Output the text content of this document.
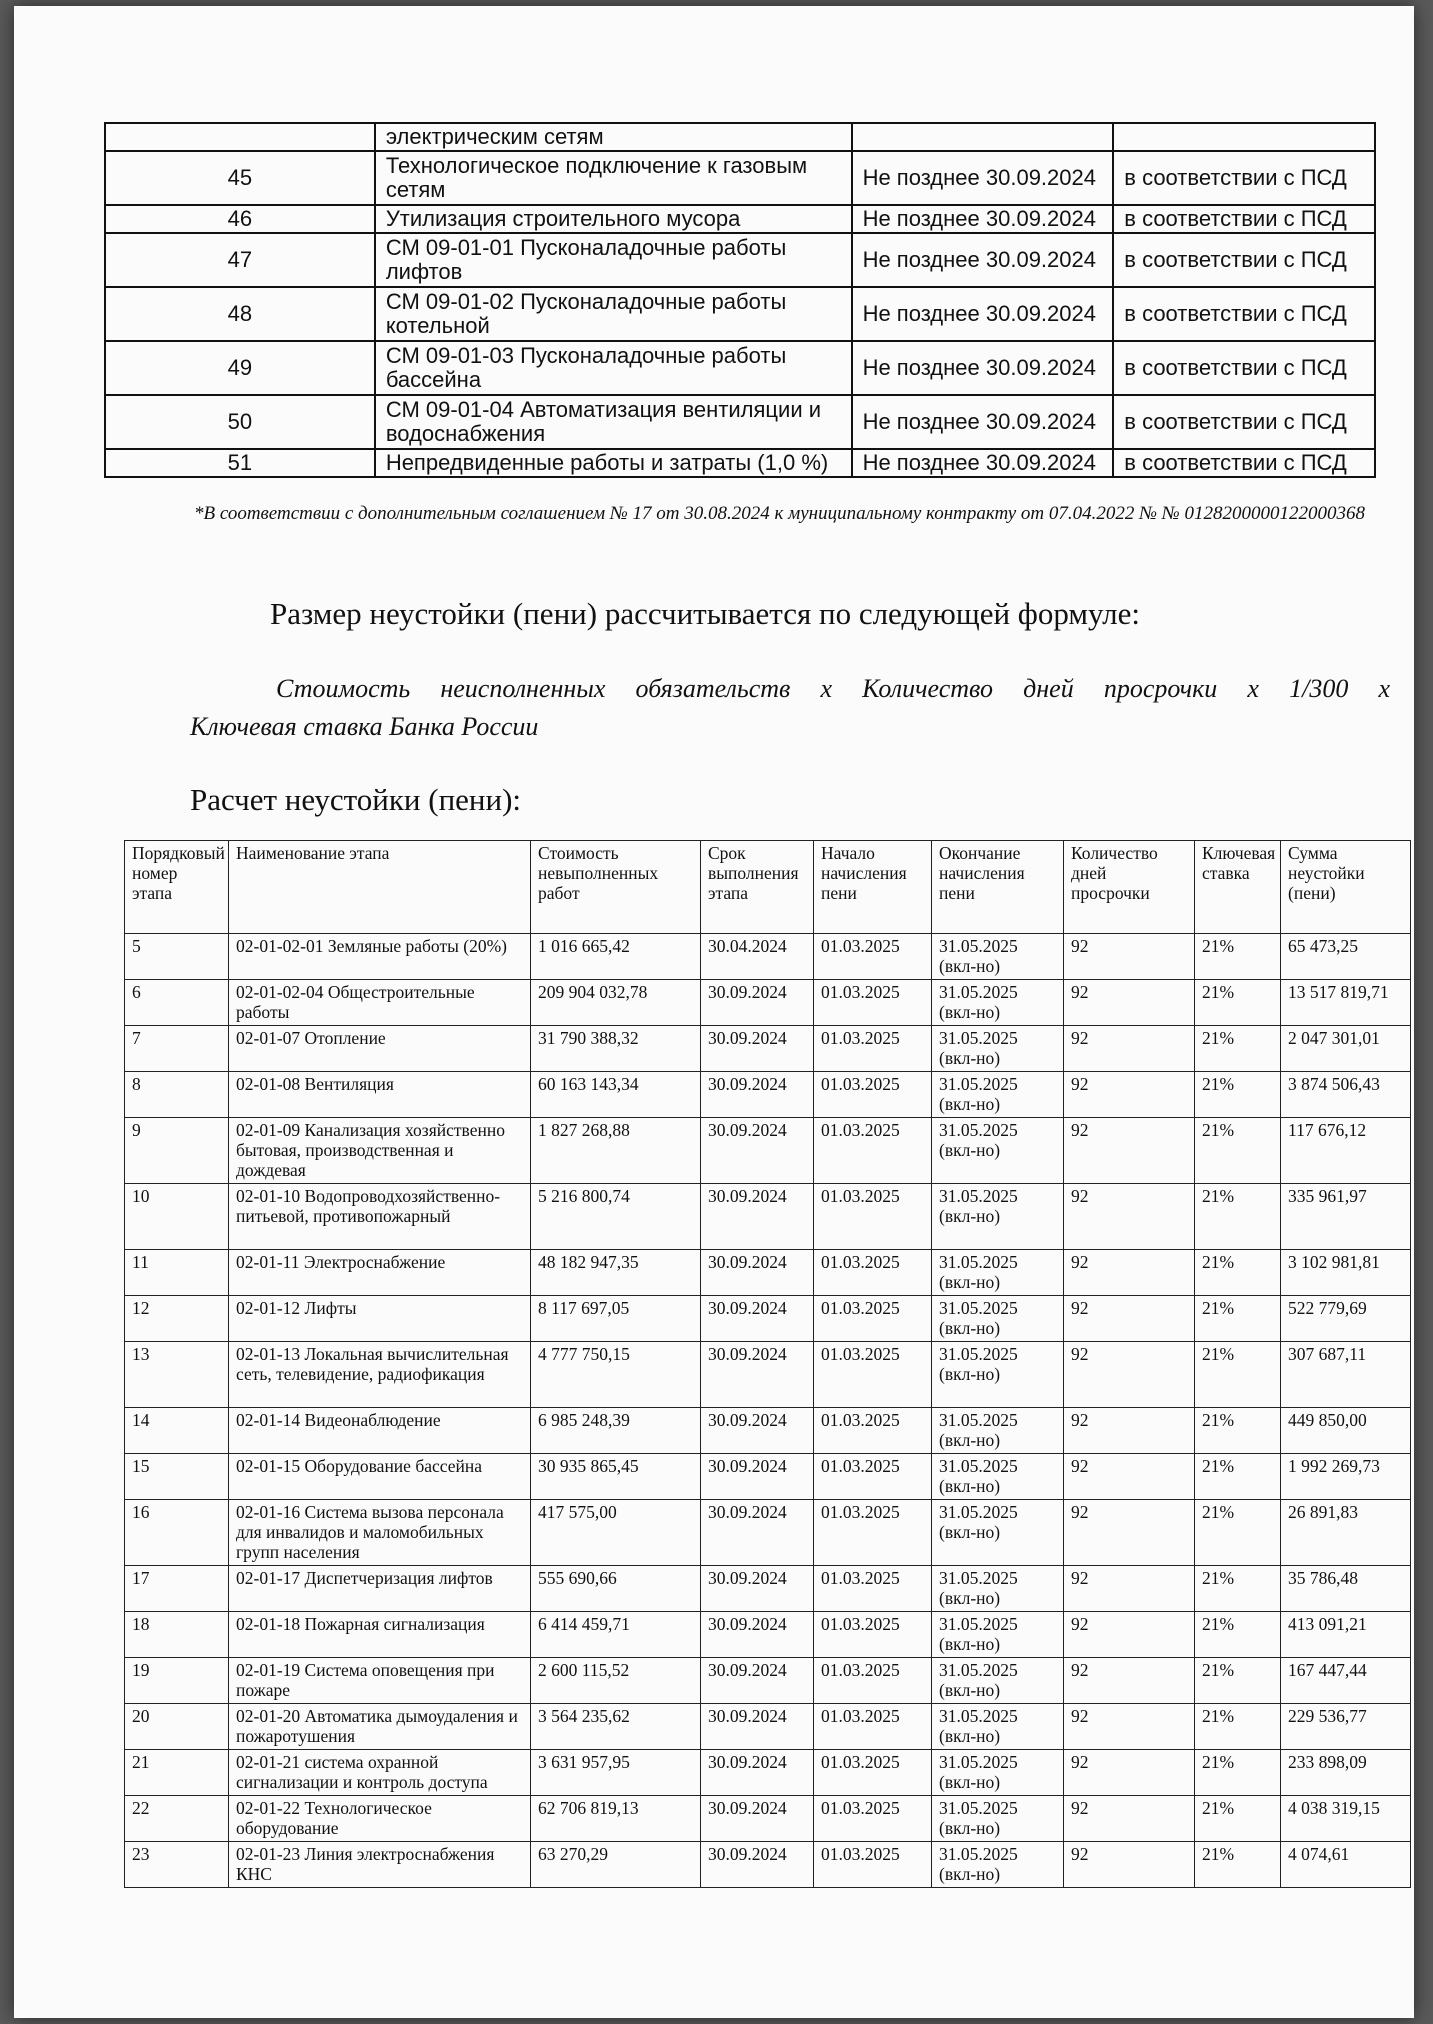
	электрическим сетям		
45	Технологическое подключение к газовым сетям	Не позднее 30.09.2024	в соответствии с ПСД
46	Утилизация строительного мусора	Не позднее 30.09.2024	в соответствии с ПСД
47	СМ 09-01-01 Пусконаладочные работы лифтов	Не позднее 30.09.2024	в соответствии с ПСД
48	СМ 09-01-02 Пусконаладочные работы котельной	Не позднее 30.09.2024	в соответствии с ПСД
49	СМ 09-01-03 Пусконаладочные работы бассейна	Не позднее 30.09.2024	в соответствии с ПСД
50	СМ 09-01-04 Автоматизация вентиляции и водоснабжения	Не позднее 30.09.2024	в соответствии с ПСД
51	Непредвиденные работы и затраты (1,0 %)	Не позднее 30.09.2024	в соответствии с ПСД
*В соответствии с дополнительным соглашением № 17 от 30.08.2024 к муниципальному контракту от 07.04.2022 № № 0128200000122000368
Размер неустойки (пени) рассчитывается по следующей формуле:
Стоимость неисполненных обязательств х Количество дней просрочки х 1/300 х
Ключевая ставка Банка России
Расчет неустойки (пени):
Порядковый номер этапа	Наименование этапа	Стоимость невыполненных работ	Срок выполнения этапа	Начало начисления пени	Окончание начисления пени	Количество дней просрочки	Ключевая ставка	Сумма неустойки (пени)
5	02-01-02-01 Земляные работы (20%)	1 016 665,42	30.04.2024	01.03.2025	31.05.2025 (вкл-но)	92	21%	65 473,25
6	02-01-02-04 Общестроительные работы	209 904 032,78	30.09.2024	01.03.2025	31.05.2025 (вкл-но)	92	21%	13 517 819,71
7	02-01-07 Отопление	31 790 388,32	30.09.2024	01.03.2025	31.05.2025 (вкл-но)	92	21%	2 047 301,01
8	02-01-08 Вентиляция	60 163 143,34	30.09.2024	01.03.2025	31.05.2025 (вкл-но)	92	21%	3 874 506,43
9	02-01-09 Канализация хозяйственно бытовая, производственная и дождевая	1 827 268,88	30.09.2024	01.03.2025	31.05.2025 (вкл-но)	92	21%	117 676,12
10	02-01-10 Водопроводхозяйственно-питьевой, противопожарный	5 216 800,74	30.09.2024	01.03.2025	31.05.2025 (вкл-но)	92	21%	335 961,97
11	02-01-11 Электроснабжение	48 182 947,35	30.09.2024	01.03.2025	31.05.2025 (вкл-но)	92	21%	3 102 981,81
12	02-01-12 Лифты	8 117 697,05	30.09.2024	01.03.2025	31.05.2025 (вкл-но)	92	21%	522 779,69
13	02-01-13 Локальная вычислительная сеть, телевидение, радиофикация	4 777 750,15	30.09.2024	01.03.2025	31.05.2025 (вкл-но)	92	21%	307 687,11
14	02-01-14 Видеонаблюдение	6 985 248,39	30.09.2024	01.03.2025	31.05.2025 (вкл-но)	92	21%	449 850,00
15	02-01-15 Оборудование бассейна	30 935 865,45	30.09.2024	01.03.2025	31.05.2025 (вкл-но)	92	21%	1 992 269,73
16	02-01-16 Система вызова персонала для инвалидов и маломобильных групп населения	417 575,00	30.09.2024	01.03.2025	31.05.2025 (вкл-но)	92	21%	26 891,83
17	02-01-17 Диспетчеризация лифтов	555 690,66	30.09.2024	01.03.2025	31.05.2025 (вкл-но)	92	21%	35 786,48
18	02-01-18 Пожарная сигнализация	6 414 459,71	30.09.2024	01.03.2025	31.05.2025 (вкл-но)	92	21%	413 091,21
19	02-01-19 Система оповещения при пожаре	2 600 115,52	30.09.2024	01.03.2025	31.05.2025 (вкл-но)	92	21%	167 447,44
20	02-01-20 Автоматика дымоудаления и пожаротушения	3 564 235,62	30.09.2024	01.03.2025	31.05.2025 (вкл-но)	92	21%	229 536,77
21	02-01-21 система охранной сигнализации и контроль доступа	3 631 957,95	30.09.2024	01.03.2025	31.05.2025 (вкл-но)	92	21%	233 898,09
22	02-01-22 Технологическое оборудование	62 706 819,13	30.09.2024	01.03.2025	31.05.2025 (вкл-но)	92	21%	4 038 319,15
23	02-01-23 Линия электроснабжения КНС	63 270,29	30.09.2024	01.03.2025	31.05.2025 (вкл-но)	92	21%	4 074,61
